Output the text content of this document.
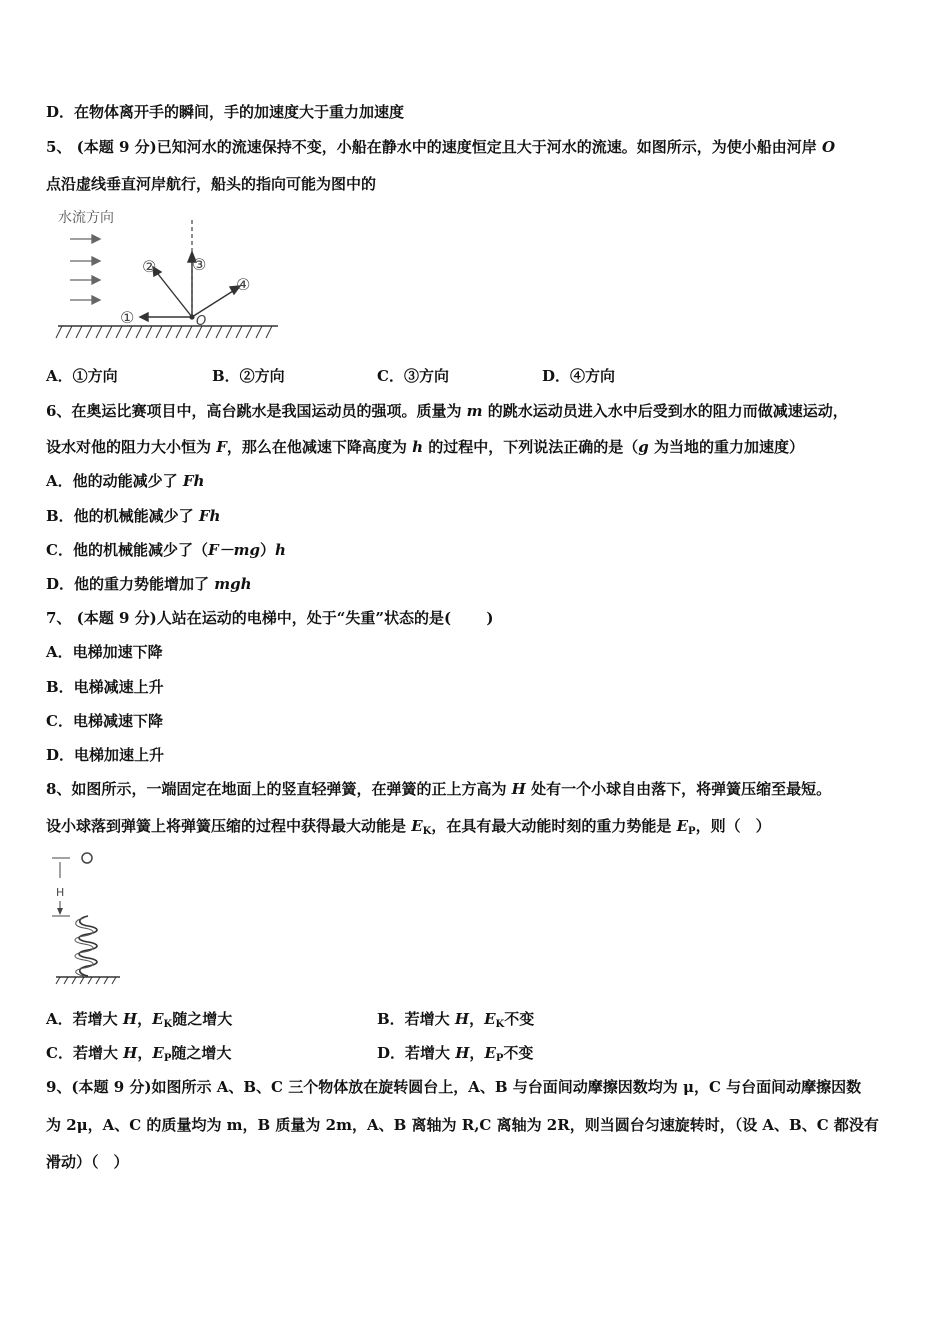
D．在物体离开手的瞬间，手的加速度大于重力加速度
5、 (本题 9 分)已知河水的流速保持不变，小船在静水中的速度恒定且大于河水的流速。如图所示，为使小船由河岸 O
点沿虚线垂直河岸航行，船头的指向可能为图中的
水流方向
①
② ③
④
O
A．①方向	B．②方向	C．③方向	D．④方向
6、在奥运比赛项目中，高台跳水是我国运动员的强项。质量为 m 的跳水运动员进入水中后受到水的阻力而做减速运动，
设水对他的阻力大小恒为 F，那么在他减速下降高度为 h 的过程中，下列说法正确的是（g 为当地的重力加速度）
A．他的动能减少了 Fh
B．他的机械能减少了 Fh
C．他的机械能减少了（F－mg）h
D．他的重力势能增加了 mgh
7、 (本题 9 分)人站在运动的电梯中，处于“失重”状态的是(　　 )
A．电梯加速下降
B．电梯减速上升
C．电梯减速下降
D．电梯加速上升
8、如图所示，一端固定在地面上的竖直轻弹簧，在弹簧的正上方高为 H 处有一个小球自由落下，将弹簧压缩至最短。
设小球落到弹簧上将弹簧压缩的过程中获得最大动能是 $E_K$，在具有最大动能时刻的重力势能是 $E_P$，则（　）
H
A．若增大 H，$E_K$随之增大	B．若增大 H，$E_K$不变
C．若增大 H，$E_P$随之增大	D．若增大 H，$E_P$不变
9、(本题 9 分)如图所示 A、B、C 三个物体放在旋转圆台上，A、B 与台面间动摩擦因数均为 μ，C 与台面间动摩擦因数
为 2μ，A、C 的质量均为 m，B 质量为 2m，A、B 离轴为 R,C 离轴为 2R，则当圆台匀速旋转时，（设 A、B、C 都没有
滑动）（　）
